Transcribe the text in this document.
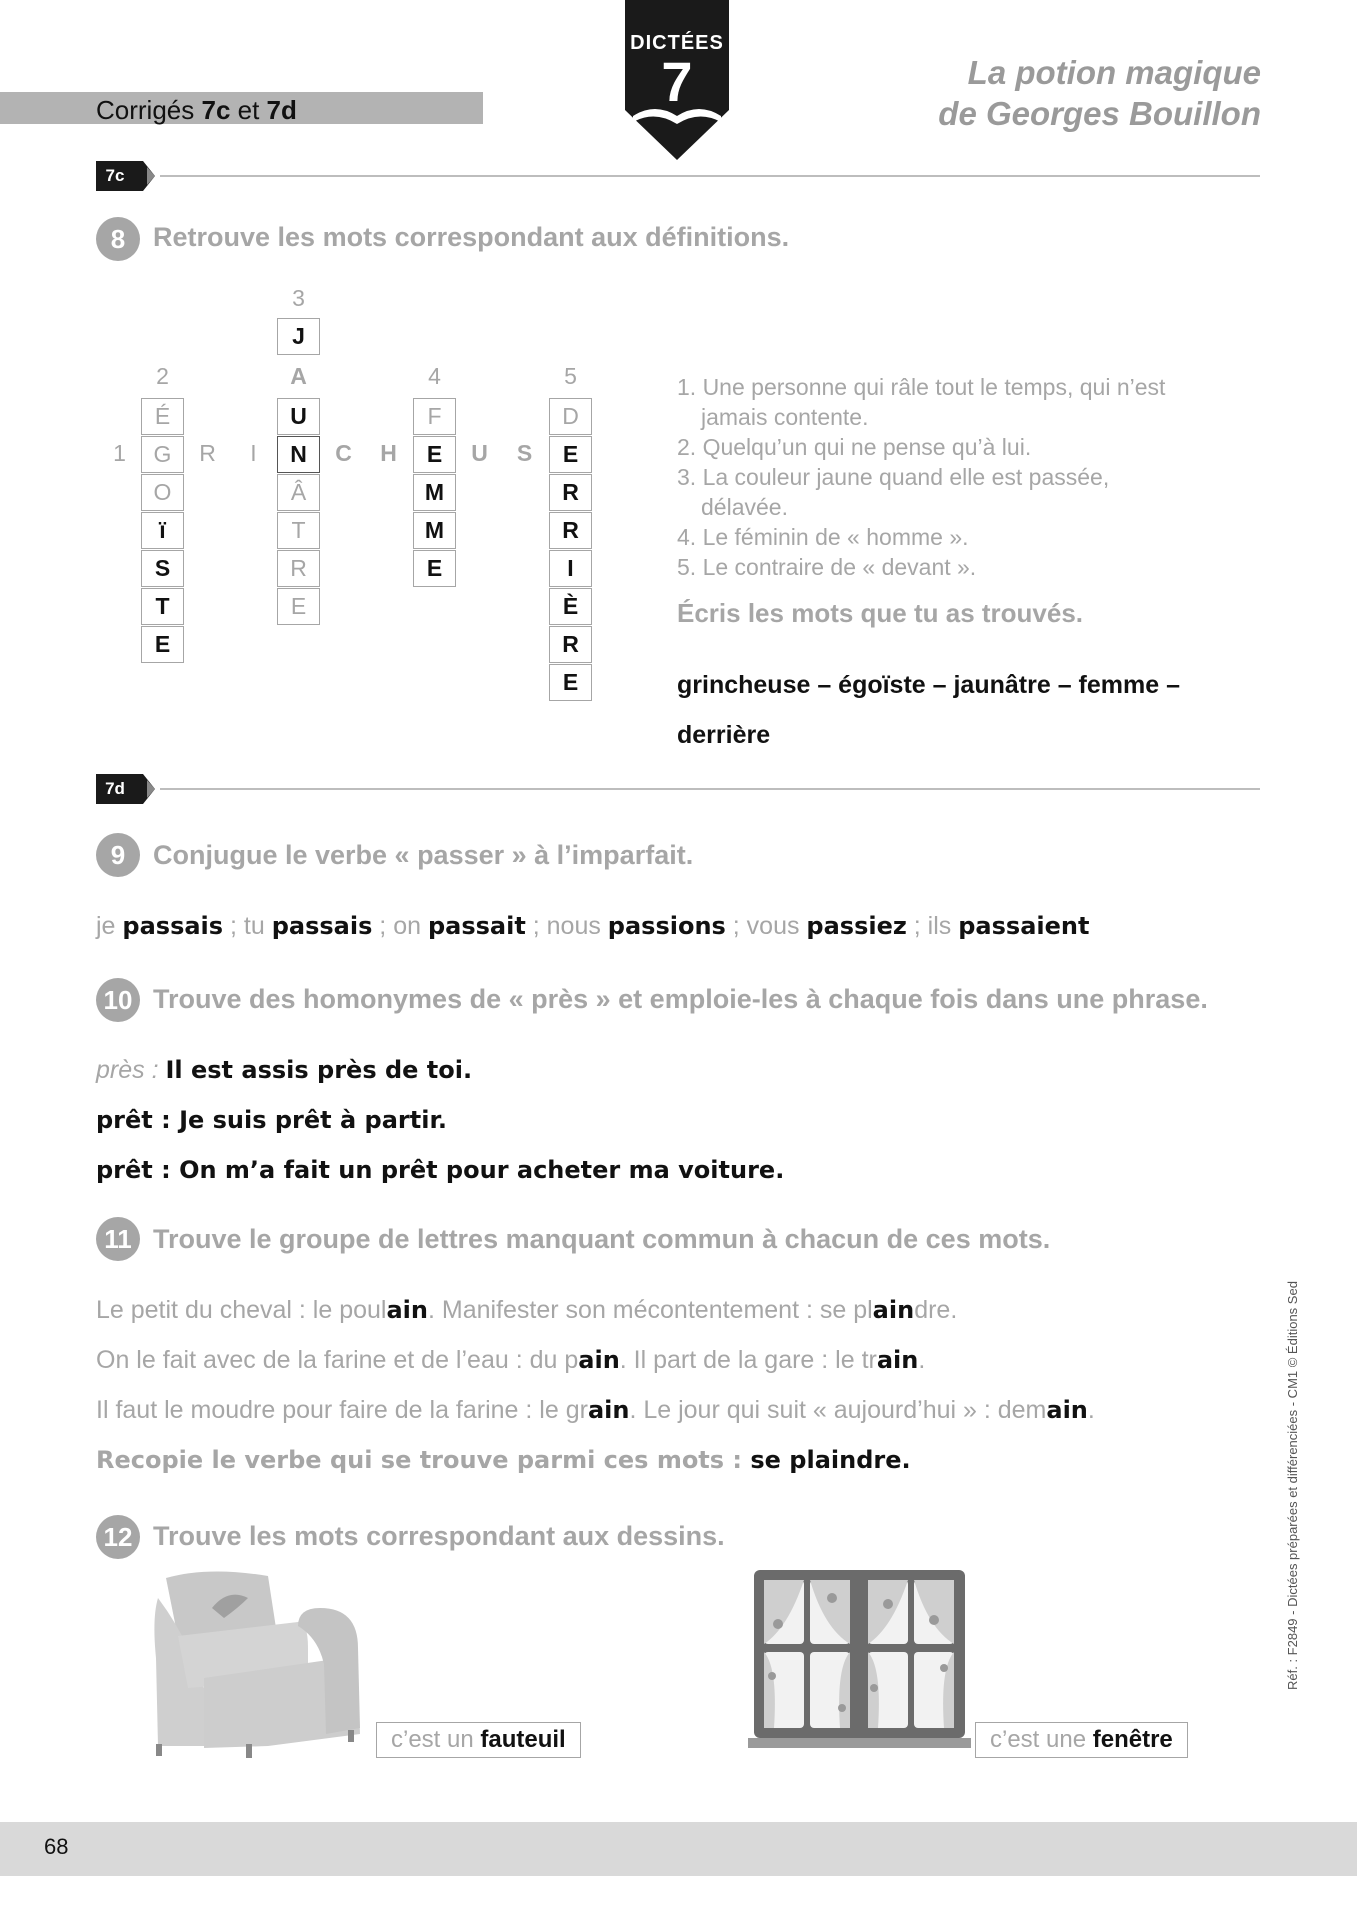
Corrigés 7c et 7d
DICTÉES
7	La potion magique
de Georges Bouillon
7c
8	Retrouve les mots correspondant aux définitions.
3
2	4	5
1	G	R	I	N	C	H	E	U	S	E
É
O
ï
S
T
E
J
A
U
Â
T
R
E
F
M
M
E
D
R
R
I
È
R
E
1. Une personne qui râle tout le temps, qui n’est
jamais contente.
2. Quelqu’un qui ne pense qu’à lui.
3. La couleur jaune quand elle est passée,
délavée.
4. Le féminin de « homme ».
5. Le contraire de « devant ».
Écris les mots que tu as trouvés.
grincheuse – égoïste – jaunâtre – femme –
derrière
7d
9	Conjugue le verbe « passer » à l’imparfait.
je passais ; tu passais ; on passait ; nous passions ; vous passiez ; ils passaient
10 Trouve des homonymes de « près » et emploie-les à chaque fois dans une phrase.
près : Il est assis près de toi.
prêt : Je suis prêt à partir.
prêt : On m’a fait un prêt pour acheter ma voiture.
11 Trouve le groupe de lettres manquant commun à chacun de ces mots.
Le petit du cheval : le poulain. Manifester son mécontentement : se plaindre.
On le fait avec de la farine et de l’eau : du pain. Il part de la gare : le train.
Il faut le moudre pour faire de la farine : le grain. Le jour qui suit « aujourd’hui » : demain.
Recopie le verbe qui se trouve parmi ces mots : se plaindre.
12 Trouve les mots correspondant aux dessins.
c’est un fauteuil	c’est une fenêtre
Réf. : F2849 - Dictées préparées et différenciées - CM1 © Éditions Sed
68
